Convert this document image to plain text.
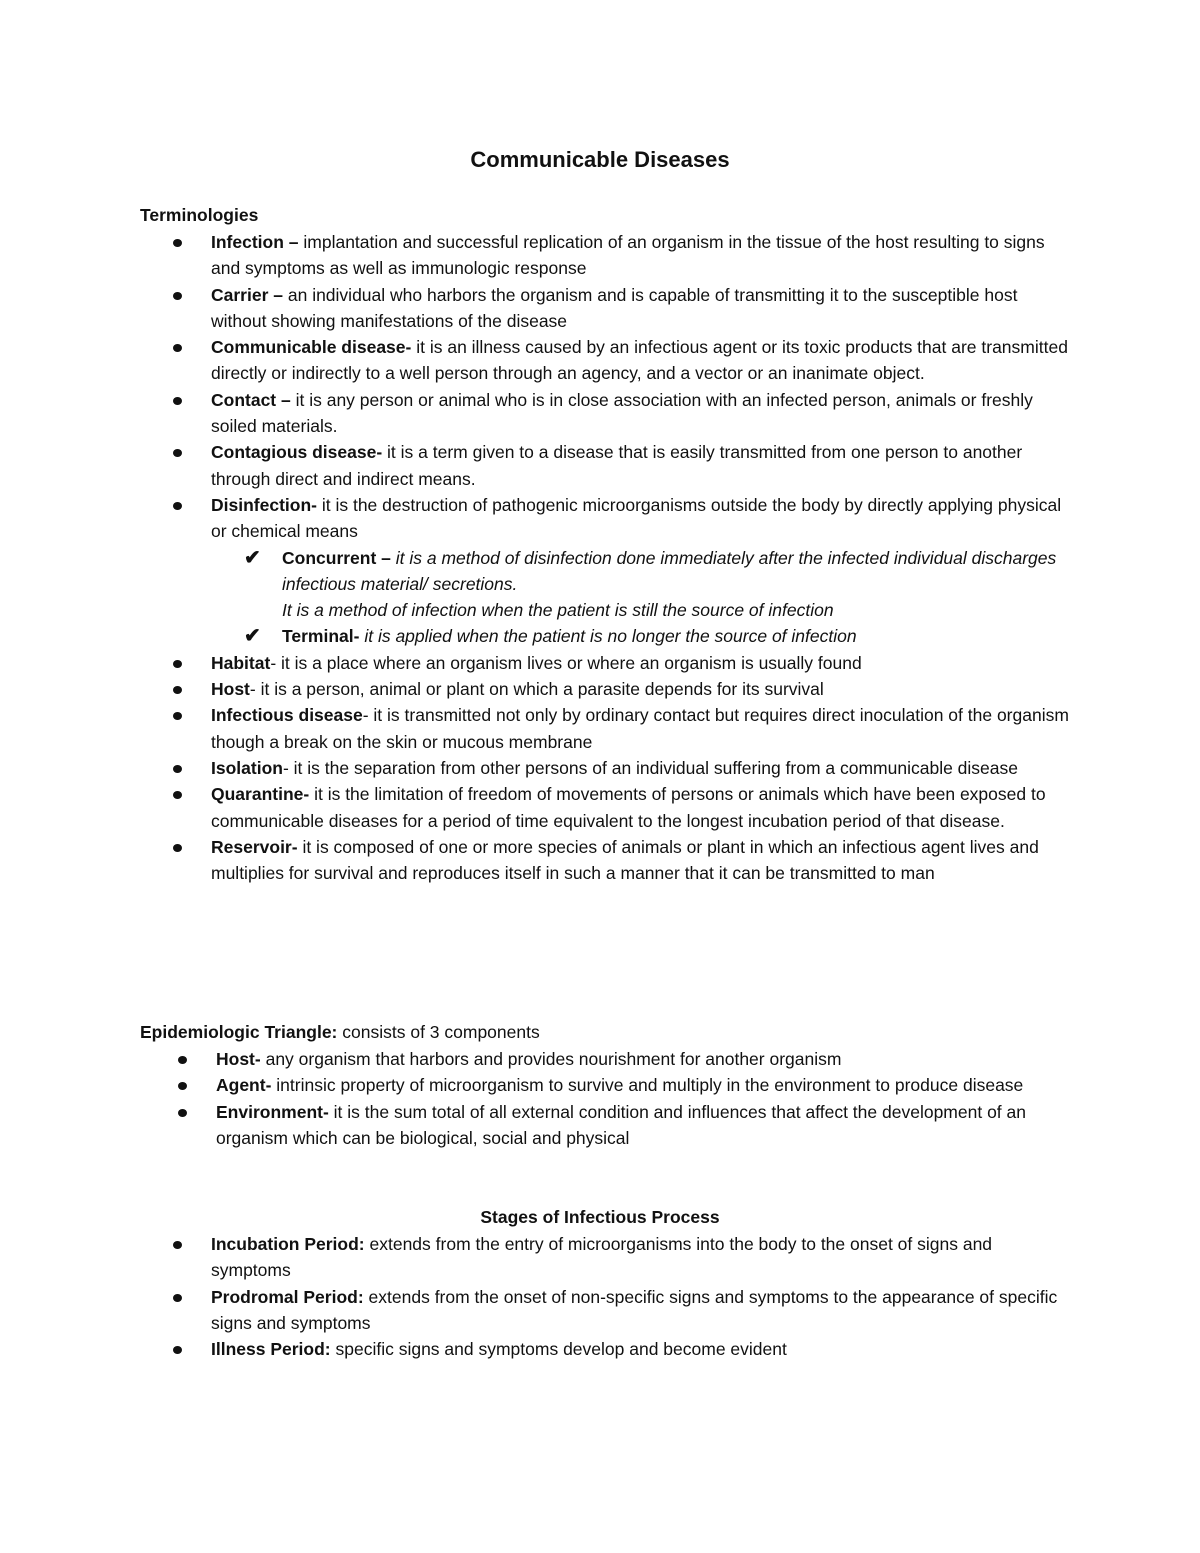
Communicable Diseases
Terminologies
Infection – implantation and successful replication of an organism in the tissue of the host resulting to signs and symptoms as well as immunologic response
Carrier – an individual who harbors the organism and is capable of transmitting it to the susceptible host without showing manifestations of the disease
Communicable disease- it is an illness caused by an infectious agent or its toxic products that are transmitted directly or indirectly to a well person through an agency, and a vector or an inanimate object.
Contact – it is any person or animal who is in close association with an infected person, animals or freshly soiled materials.
Contagious disease- it is a term given to a disease that is easily transmitted from one person to another through direct and indirect means.
Disinfection- it is the destruction of pathogenic microorganisms outside the body by directly applying physical or chemical means
✔ Concurrent – it is a method of disinfection done immediately after the infected individual discharges infectious material/ secretions.
It is a method of infection when the patient is still the source of infection
✔ Terminal- it is applied when the patient is no longer the source of infection
Habitat- it is a place where an organism lives or where an organism is usually found
Host- it is a person, animal or plant on which a parasite depends for its survival
Infectious disease- it is transmitted not only by ordinary contact but requires direct inoculation of the organism though a break on the skin or mucous membrane
Isolation- it is the separation from other persons of an individual suffering from a communicable disease
Quarantine- it is the limitation of freedom of movements of persons or animals which have been exposed to communicable diseases for a period of time equivalent to the longest incubation period of that disease.
Reservoir- it is composed of one or more species of animals or plant in which an infectious agent lives and multiplies for survival and reproduces itself in such a manner that it can be transmitted to man
Epidemiologic Triangle: consists of 3 components
Host- any organism that harbors and provides nourishment for another organism
Agent- intrinsic property of microorganism to survive and multiply in the environment to produce disease
Environment- it is the sum total of all external condition and influences that affect the development of an organism which can be biological, social and physical
Stages of Infectious Process
Incubation Period: extends from the entry of microorganisms into the body to the onset of signs and symptoms
Prodromal Period: extends from the onset of non-specific signs and symptoms to the appearance of specific signs and symptoms
Illness Period: specific signs and symptoms develop and become evident
